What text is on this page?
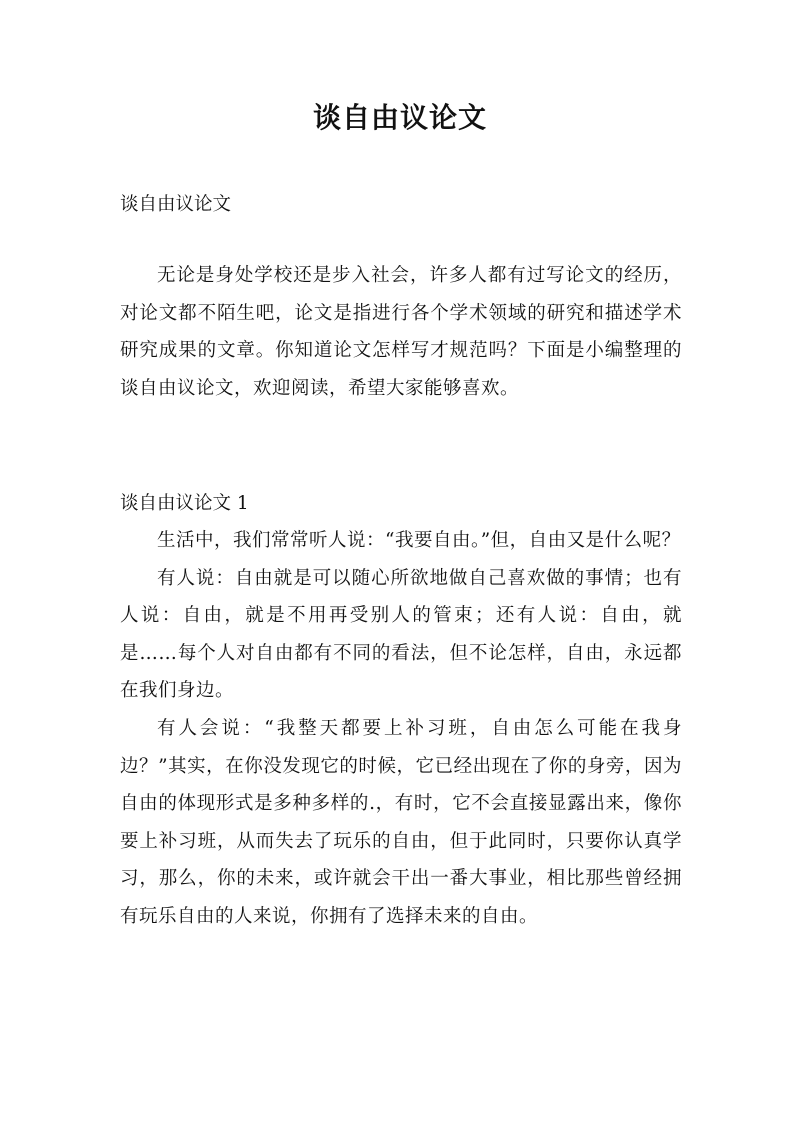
谈自由议论文
谈自由议论文

无论是身处学校还是步入社会，许多人都有过写论文的经历，对论文都不陌生吧，论文是指进行各个学术领域的研究和描述学术研究成果的文章。你知道论文怎样写才规范吗？下面是小编整理的谈自由议论文，欢迎阅读，希望大家能够喜欢。

谈自由议论文 1

生活中，我们常常听人说：“我要自由。”但，自由又是什么呢？

有人说：自由就是可以随心所欲地做自己喜欢做的事情；也有人说：自由，就是不用再受别人的管束；还有人说：自由，就是……每个人对自由都有不同的看法，但不论怎样，自由，永远都在我们身边。

有人会说：“我整天都要上补习班，自由怎么可能在我身边？”其实，在你没发现它的时候，它已经出现在了你的身旁，因为自由的体现形式是多种多样的.，有时，它不会直接显露出来，像你要上补习班，从而失去了玩乐的自由，但于此同时，只要你认真学习，那么，你的未来，或许就会干出一番大事业，相比那些曾经拥有玩乐自由的人来说，你拥有了选择未来的自由。
